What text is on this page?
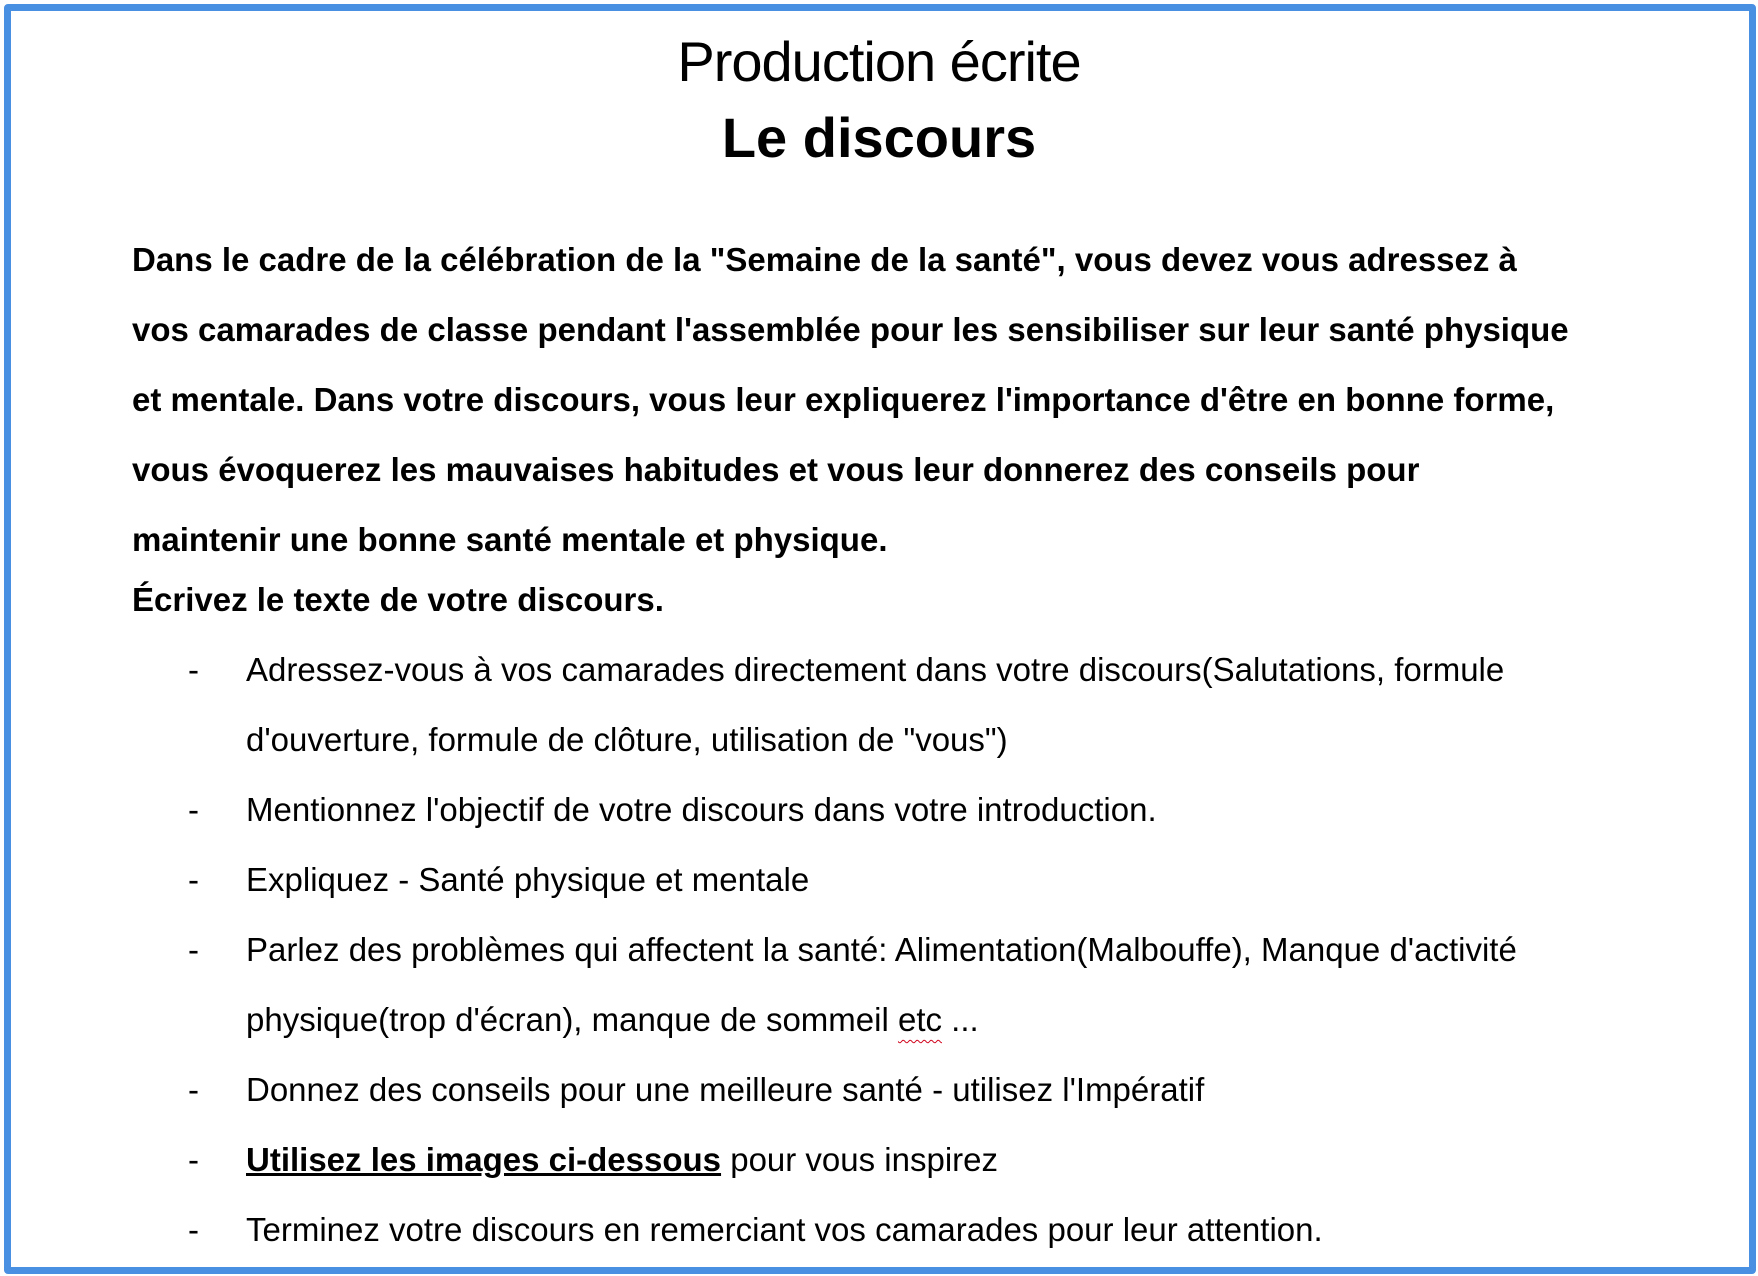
Production écrite
Le discours

Dans le cadre de la célébration de la "Semaine de la santé", vous devez vous adressez à vos camarades de classe pendant l'assemblée pour les sensibiliser sur leur santé physique et mentale. Dans votre discours, vous leur expliquerez l'importance d'être en bonne forme, vous évoquerez les mauvaises habitudes et vous leur donnerez des conseils pour maintenir une bonne santé mentale et physique.

Écrivez le texte de votre discours.

- Adressez-vous à vos camarades directement dans votre discours(Salutations, formule d'ouverture, formule de clôture, utilisation de "vous")
- Mentionnez l'objectif de votre discours dans votre introduction.
- Expliquez - Santé physique et mentale
- Parlez des problèmes qui affectent la santé: Alimentation(Malbouffe), Manque d'activité physique(trop d'écran), manque de sommeil etc ...
- Donnez des conseils pour une meilleure santé - utilisez l'Impératif
- Utilisez les images ci-dessous pour vous inspirez
- Terminez votre discours en remerciant vos camarades pour leur attention.
